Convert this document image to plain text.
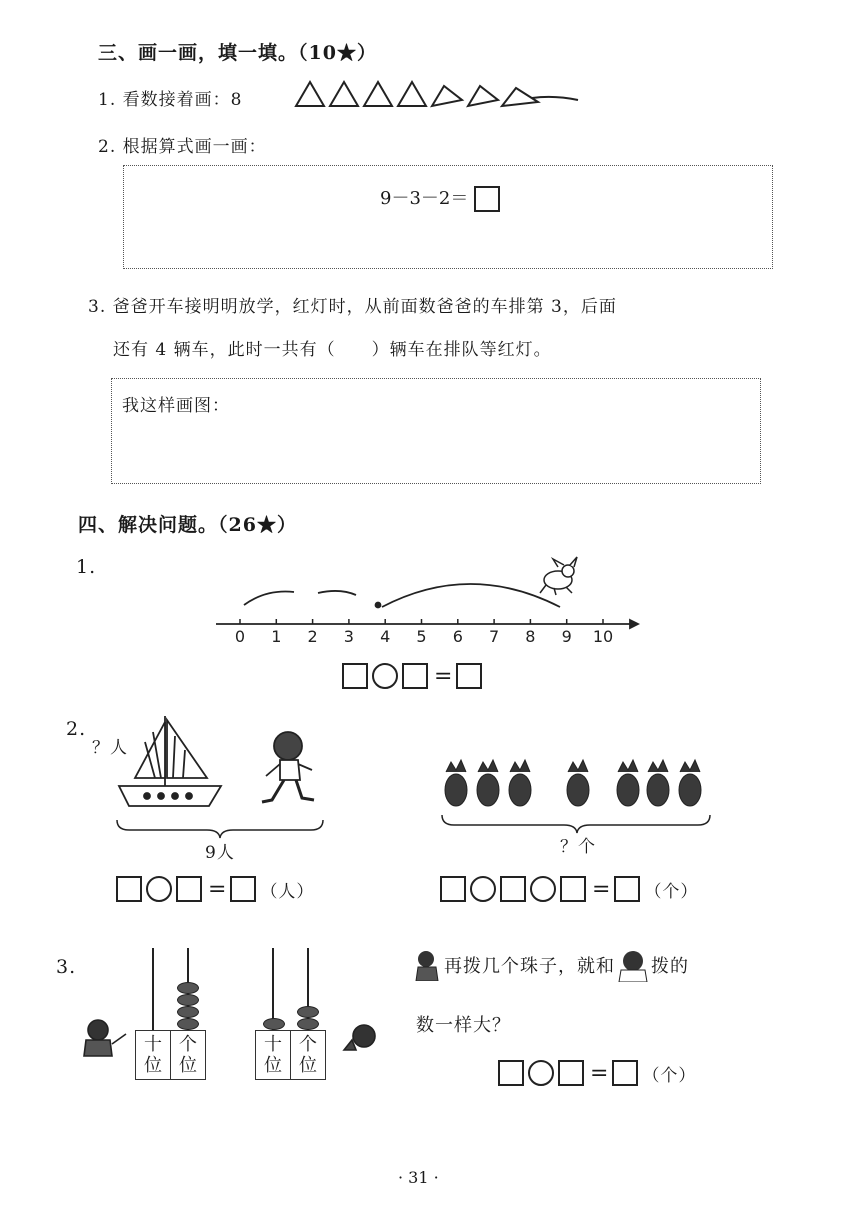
三、画一画，填一填。（10★）
1. 看数接着画：8
2. 根据算式画一画：
9－3－2＝
3. 爸爸开车接明明放学，红灯时，从前面数爸爸的车排第 3，后面
还有 4 辆车，此时一共有（　　）辆车在排队等红灯。
我这样画图：
四、解决问题。（26★）
1.
0 1 2 3 4 5 6 7 8 9 10
=
2.
？人
9人
= （人）
？个
= （个）
3.
十
位
个
位
十
位
个
位
再拨几个珠子，就和 拨的
数一样大？
= （个）
· 31 ·
